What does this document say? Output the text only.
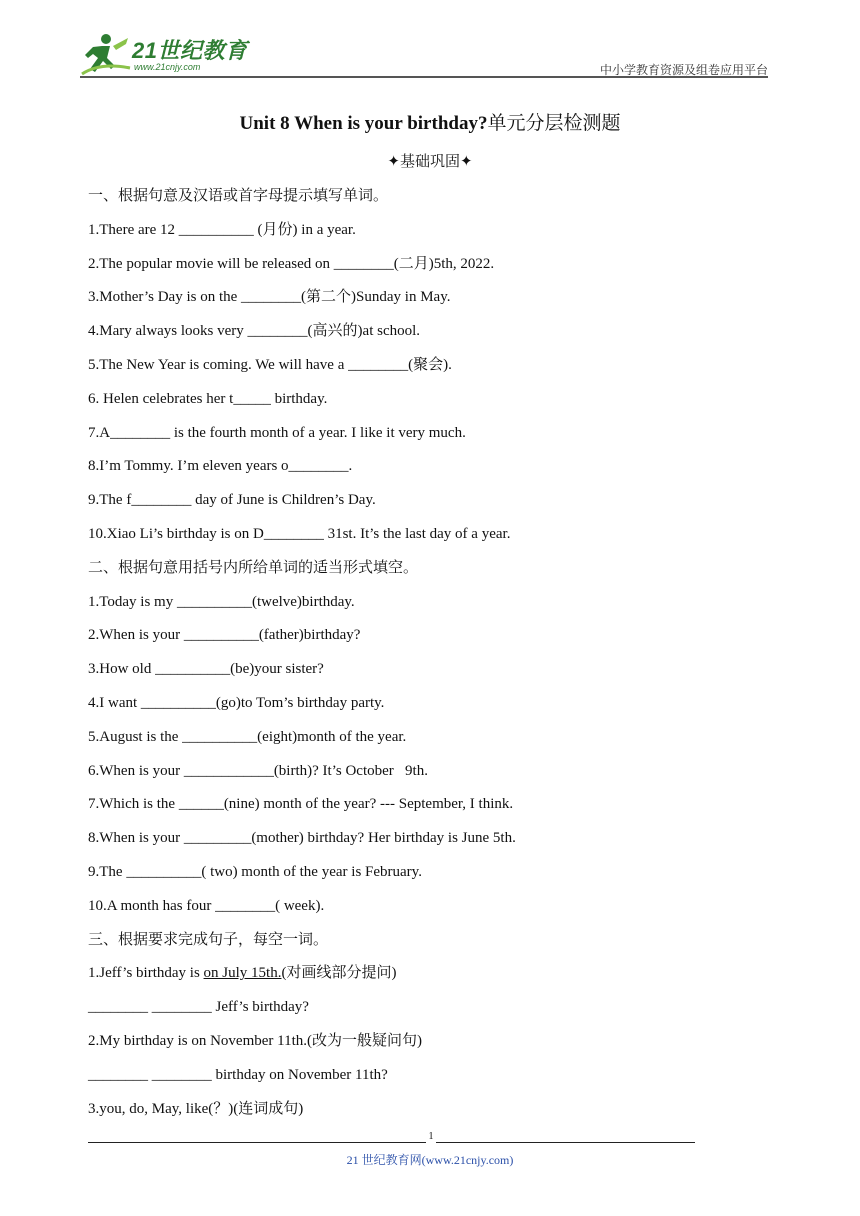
21世纪教育
www.21cnjy.com	中小学教育资源及组卷应用平台
Unit 8 When is your birthday?单元分层检测题
✦基础巩固✦
一、根据句意及汉语或首字母提示填写单词。
1.There are 12 __________ (月份) in a year.
2.The popular movie will be released on ________(二月)5th, 2022.
3.Mother’s Day is on the ________(第二个)Sunday in May.
4.Mary always looks very ________(高兴的)at school.
5.The New Year is coming. We will have a ________(聚会).
6. Helen celebrates her t_____ birthday.
7.A________ is the fourth month of a year. I like it very much.
8.I’m Tommy. I’m eleven years o________.
9.The f________ day of June is Children’s Day.
10.Xiao Li’s birthday is on D________ 31st. It’s the last day of a year.
二、根据句意用括号内所给单词的适当形式填空。
1.Today is my __________(twelve)birthday.
2.When is your __________(father)birthday?
3.How old __________(be)your sister?
4.I want __________(go)to Tom’s birthday party.
5.August is the __________(eight)month of the year.
6.When is your ____________(birth)? It’s October   9th.
7.Which is the ______(nine) month of the year? --- September, I think.
8.When is your _________(mother) birthday? Her birthday is June 5th.
9.The __________( two) month of the year is February.
10.A month has four ________( week).
三、根据要求完成句子，每空一词。
1.Jeff’s birthday is on July 15th.(对画线部分提问)
________ ________ Jeff’s birthday?
2.My birthday is on November 11th.(改为一般疑问句)
________ ________ birthday on November 11th?
3.you, do, May, like(？)(连词成句)
1
21 世纪教育网(www.21cnjy.com)
